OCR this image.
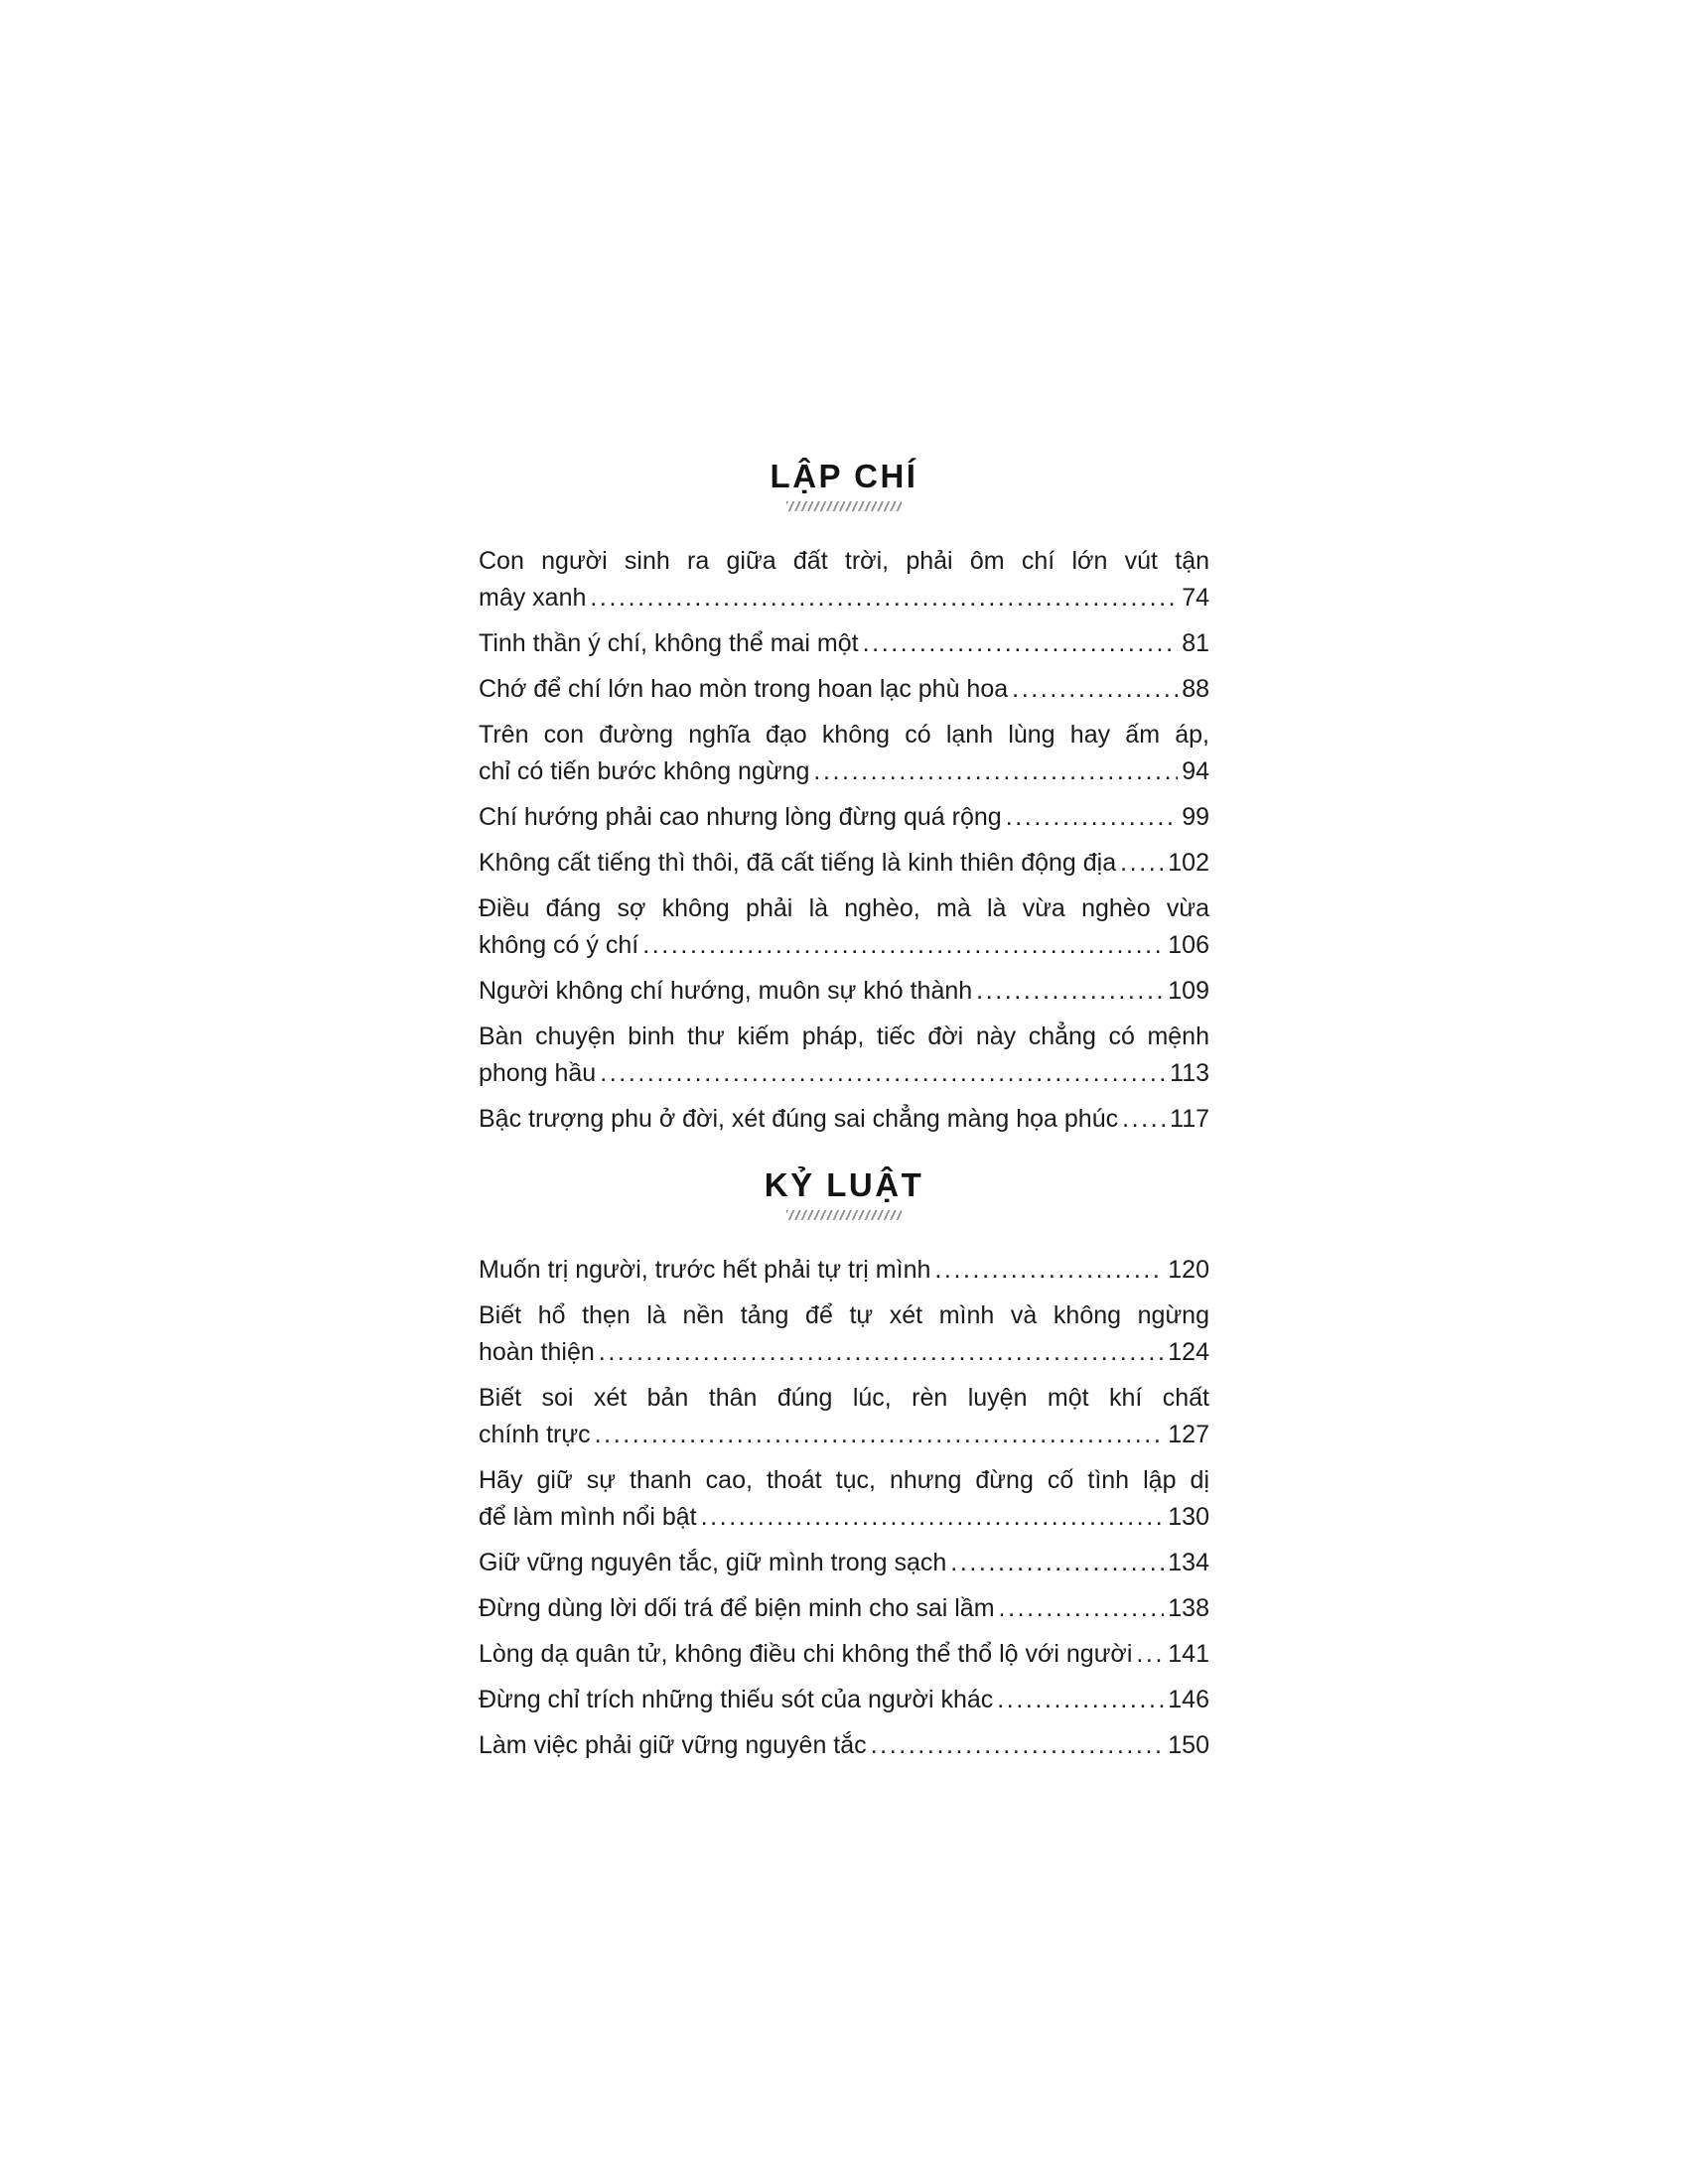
LẬP CHÍ
Con người sinh ra giữa đất trời, phải ôm chí lớn vút tận
mây xanh .....	74
Tinh thần ý chí, không thể mai một .....	81
Chớ để chí lớn hao mòn trong hoan lạc phù hoa .....	88
Trên con đường nghĩa đạo không có lạnh lùng hay ấm áp,
chỉ có tiến bước không ngừng .....	94
Chí hướng phải cao nhưng lòng đừng quá rộng .....	99
Không cất tiếng thì thôi, đã cất tiếng là kinh thiên động địa ..... 102
Điều đáng sợ không phải là nghèo, mà là vừa nghèo vừa
không có ý chí .....	106
Người không chí hướng, muôn sự khó thành .....	109
Bàn chuyện binh thư kiếm pháp, tiếc đời này chẳng có mệnh
phong hầu .....	113
Bậc trượng phu ở đời, xét đúng sai chẳng màng họa phúc ..... 117
KỶ LUẬT
Muốn trị người, trước hết phải tự trị mình .....	120
Biết hổ thẹn là nền tảng để tự xét mình và không ngừng
hoàn thiện .....	124
Biết soi xét bản thân đúng lúc, rèn luyện một khí chất
chính trực .....	127
Hãy giữ sự thanh cao, thoát tục, nhưng đừng cố tình lập dị
để làm mình nổi bật .....	130
Giữ vững nguyên tắc, giữ mình trong sạch .....	134
Đừng dùng lời dối trá để biện minh cho sai lầm .....	138
Lòng dạ quân tử, không điều chi không thể thổ lộ với người ..... 141
Đừng chỉ trích những thiếu sót của người khác .....	146
Làm việc phải giữ vững nguyên tắc .....	150
